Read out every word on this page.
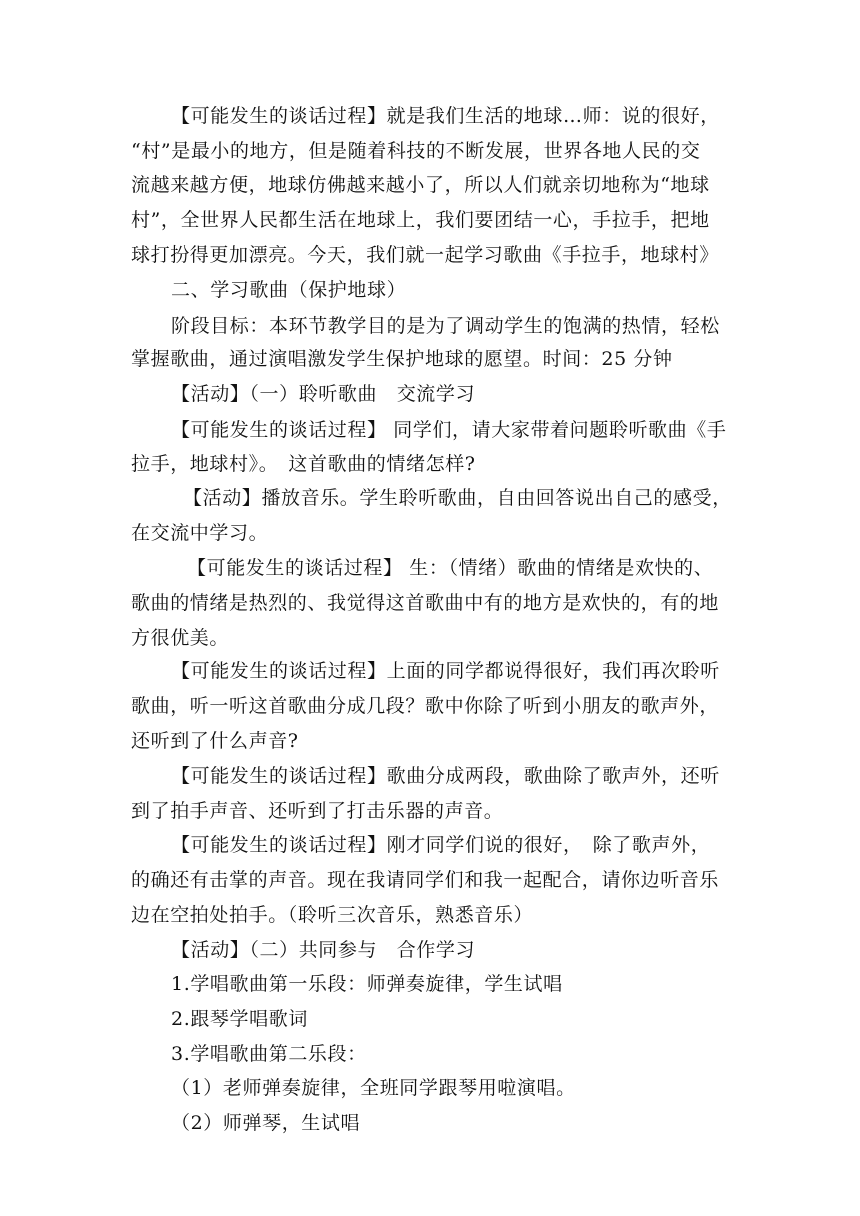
【可能发生的谈话过程】就是我们生活的地球…师：说的很好，
“村”是最小的地方，但是随着科技的不断发展，世界各地人民的交
流越来越方便，地球仿佛越来越小了，所以人们就亲切地称为“地球
村”，全世界人民都生活在地球上，我们要团结一心，手拉手，把地
球打扮得更加漂亮。今天，我们就一起学习歌曲《手拉手，地球村》
二、学习歌曲（保护地球）
阶段目标：本环节教学目的是为了调动学生的饱满的热情，轻松
掌握歌曲，通过演唱激发学生保护地球的愿望。时间：25 分钟
【活动】（一）聆听歌曲　交流学习
【可能发生的谈话过程】 同学们，请大家带着问题聆听歌曲《手
拉手，地球村》。　这首歌曲的情绪怎样?
【活动】播放音乐。学生聆听歌曲，自由回答说出自己的感受，
在交流中学习。
【可能发生的谈话过程】 生：（情绪）歌曲的情绪是欢快的、
歌曲的情绪是热烈的、我觉得这首歌曲中有的地方是欢快的，有的地
方很优美。
【可能发生的谈话过程】上面的同学都说得很好，我们再次聆听
歌曲，听一听这首歌曲分成几段？歌中你除了听到小朋友的歌声外，
还听到了什么声音?
【可能发生的谈话过程】歌曲分成两段，歌曲除了歌声外，还听
到了拍手声音、还听到了打击乐器的声音。
【可能发生的谈话过程】刚才同学们说的很好，　除了歌声外，
的确还有击掌的声音。现在我请同学们和我一起配合，请你边听音乐
边在空拍处拍手。（聆听三次音乐，熟悉音乐）
【活动】（二）共同参与　合作学习
1.学唱歌曲第一乐段：师弹奏旋律，学生试唱
2.跟琴学唱歌词
3.学唱歌曲第二乐段：
（1）老师弹奏旋律，全班同学跟琴用啦演唱。
（2）师弹琴，生试唱
